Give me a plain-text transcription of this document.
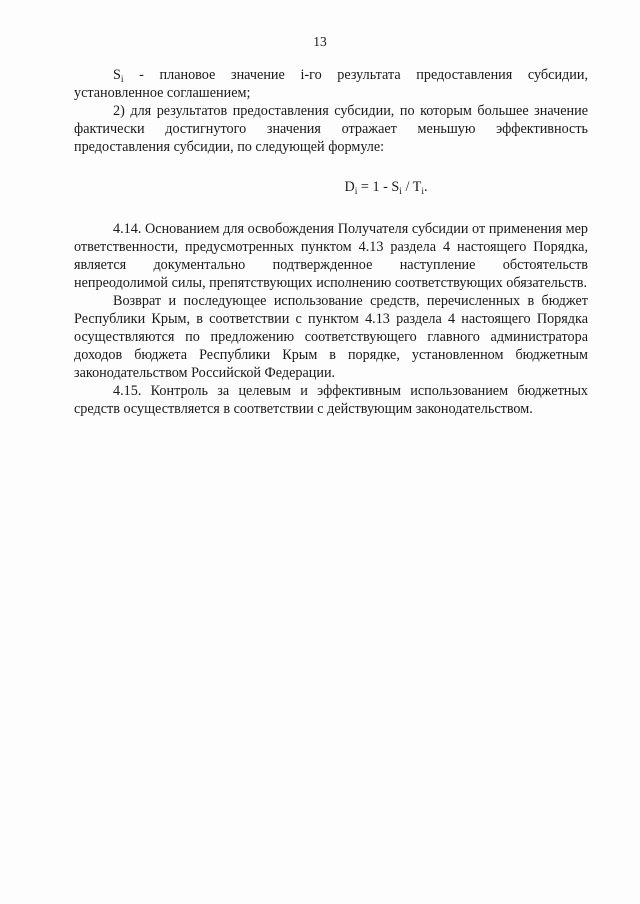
13

$S_i$ - плановое значение i-го результата предоставления субсидии, установленное соглашением;

2) для результатов предоставления субсидии, по которым большее значение фактически достигнутого значения отражает меньшую эффективность предоставления субсидии, по следующей формуле:

$D_i = 1 - S_i / T_i$.

4.14. Основанием для освобождения Получателя субсидии от применения мер ответственности, предусмотренных пунктом 4.13 раздела 4 настоящего Порядка, является документально подтвержденное наступление обстоятельств непреодолимой силы, препятствующих исполнению соответствующих обязательств.

Возврат и последующее использование средств, перечисленных в бюджет Республики Крым, в соответствии с пунктом 4.13 раздела 4 настоящего Порядка осуществляются по предложению соответствующего главного администратора доходов бюджета Республики Крым в порядке, установленном бюджетным законодательством Российской Федерации.

4.15. Контроль за целевым и эффективным использованием бюджетных средств осуществляется в соответствии с действующим законодательством.
